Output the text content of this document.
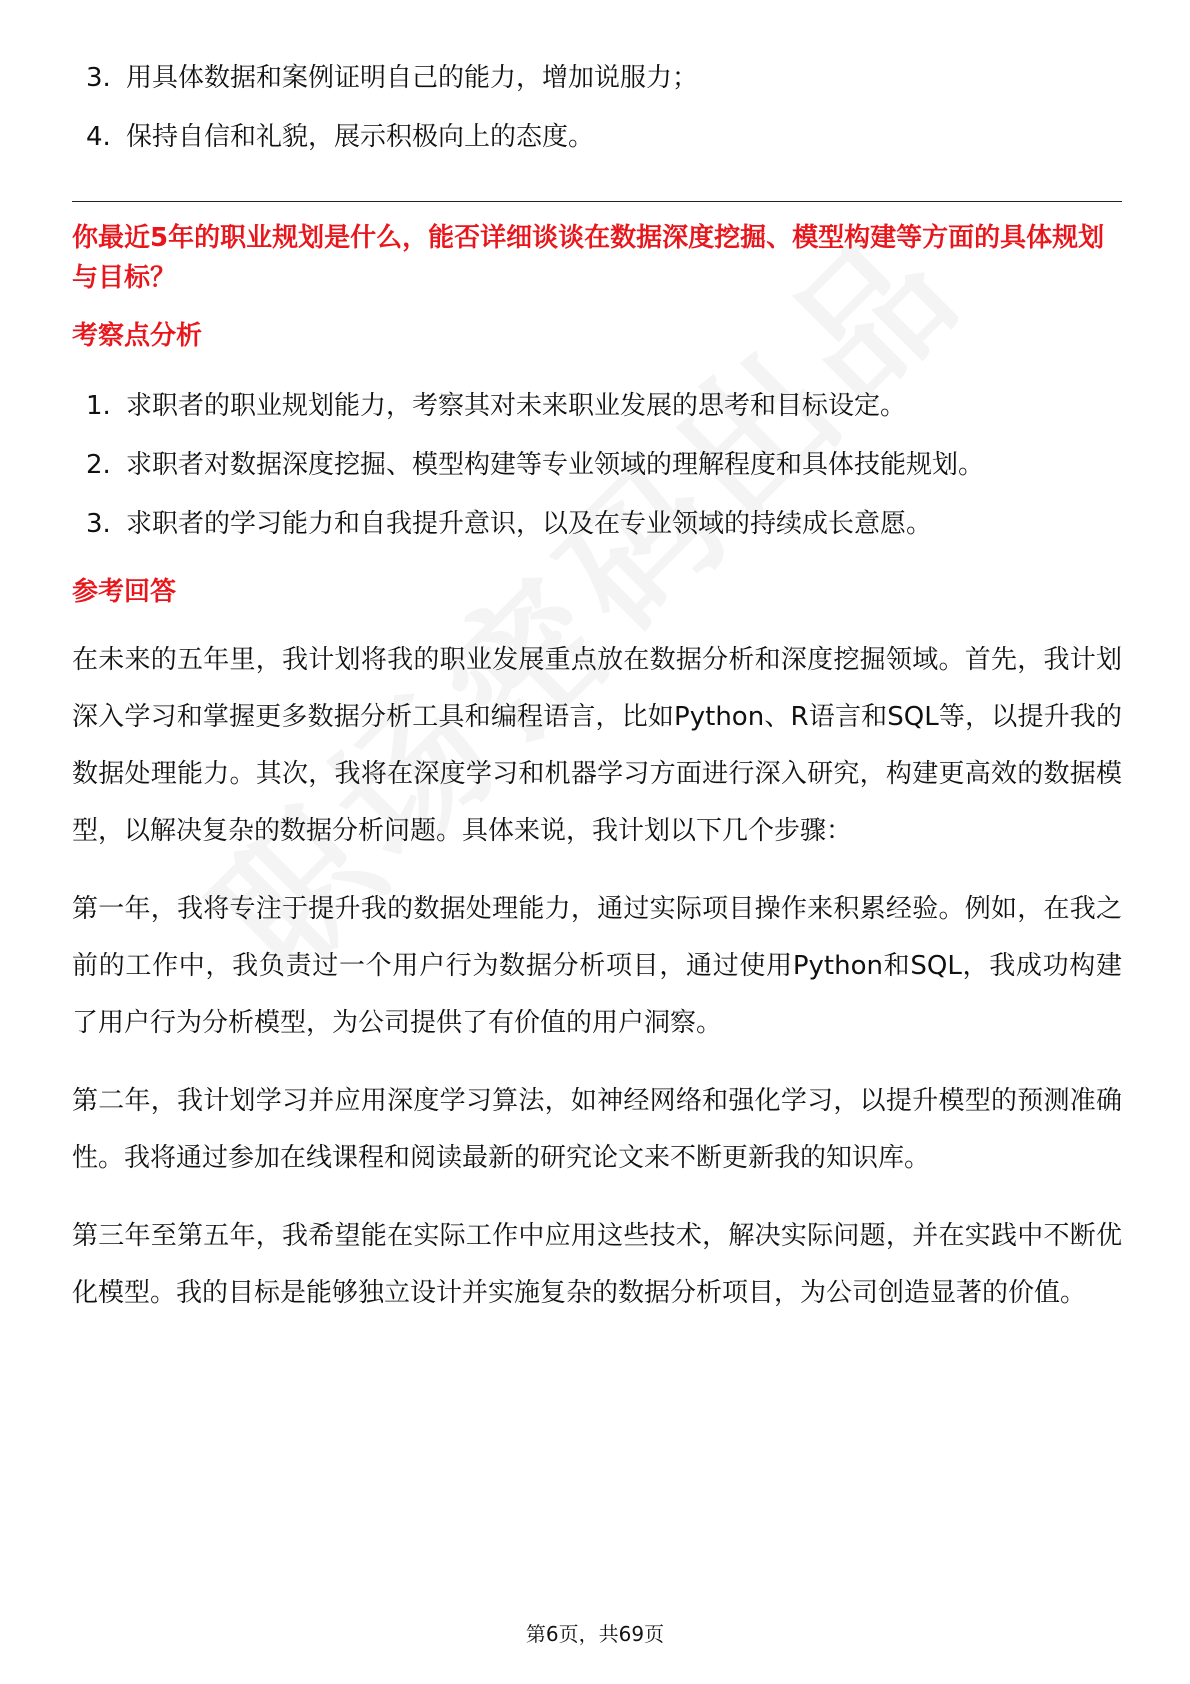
3. 用具体数据和案例证明自己的能力，增加说服力；
4. 保持自信和礼貌，展示积极向上的态度。

你最近5年的职业规划是什么，能否详细谈谈在数据深度挖掘、模型构建等方面的具体规划与目标？

考察点分析
1. 求职者的职业规划能力，考察其对未来职业发展的思考和目标设定。
2. 求职者对数据深度挖掘、模型构建等专业领域的理解程度和具体技能规划。
3. 求职者的学习能力和自我提升意识，以及在专业领域的持续成长意愿。
参考回答

在未来的五年里，我计划将我的职业发展重点放在数据分析和深度挖掘领域。首先，我计划深入学习和掌握更多数据分析工具和编程语言，比如Python、R语言和SQL等，以提升我的数据处理能力。其次，我将在深度学习和机器学习方面进行深入研究，构建更高效的数据模型，以解决复杂的数据分析问题。具体来说，我计划以下几个步骤：

第一年，我将专注于提升我的数据处理能力，通过实际项目操作来积累经验。例如，在我之前的工作中，我负责过一个用户行为数据分析项目，通过使用Python和SQL，我成功构建了用户行为分析模型，为公司提供了有价值的用户洞察。

第二年，我计划学习并应用深度学习算法，如神经网络和强化学习，以提升模型的预测准确性。我将通过参加在线课程和阅读最新的研究论文来不断更新我的知识库。

第三年至第五年，我希望能在实际工作中应用这些技术，解决实际问题，并在实践中不断优化模型。我的目标是能够独立设计并实施复杂的数据分析项目，为公司创造显著的价值。

第6页，共69页
